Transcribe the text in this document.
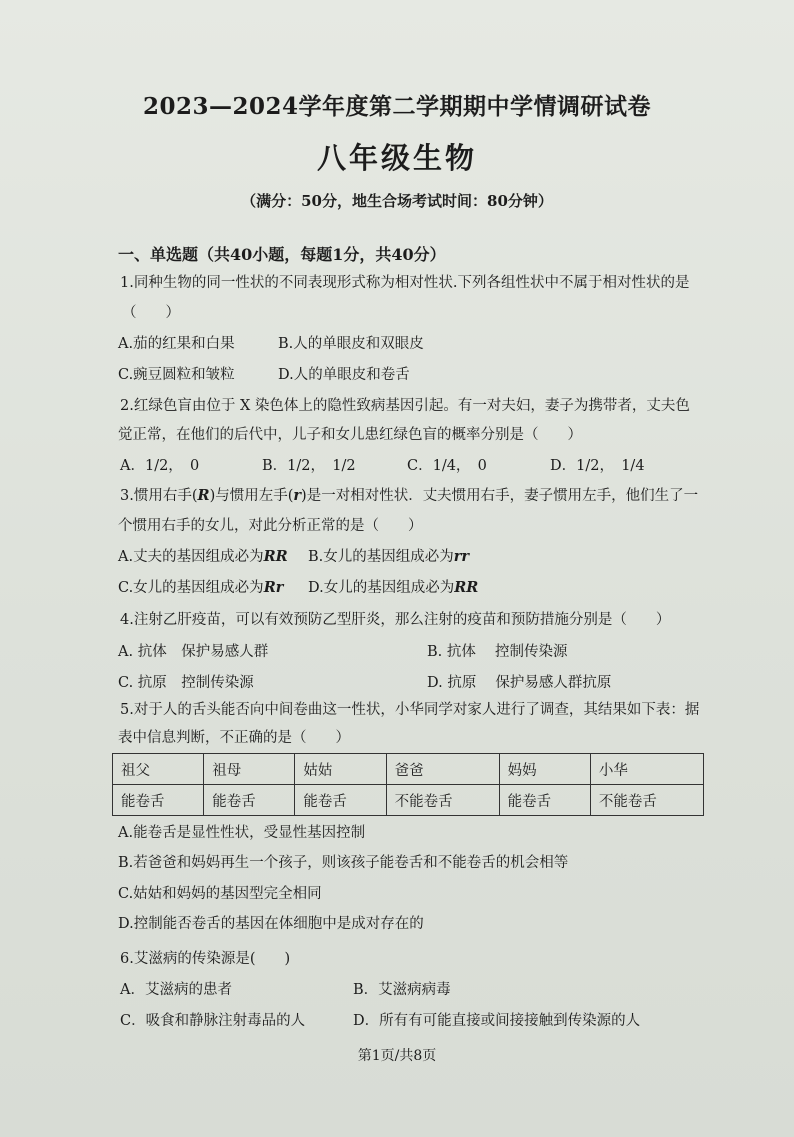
2023—2024学年度第二学期期中学情调研试卷
八年级生物
（满分：50分，地生合场考试时间：80分钟）
一、单选题（共40小题，每题1分，共40分）
1.同种生物的同一性状的不同表现形式称为相对性状.下列各组性状中不属于相对性状的是
（　　）
A.茄的红果和白果	B.人的单眼皮和双眼皮
C.豌豆圆粒和皱粒	D.人的单眼皮和卷舌
2.红绿色盲由位于 X 染色体上的隐性致病基因引起。有一对夫妇，妻子为携带者，丈夫色
觉正常，在他们的后代中，儿子和女儿患红绿色盲的概率分别是（　　）
A．1/2，　0	B．1/2，　1/2	C．1/4，　0	D．1/2，　1/4
3.惯用右手(R)与惯用左手(r)是一对相对性状．丈夫惯用右手，妻子惯用左手，他们生了一
个惯用右手的女儿，对此分析正常的是（　　）
A.丈夫的基因组成必为RR B.女儿的基因组成必为rr
C.女儿的基因组成必为Rr D.女儿的基因组成必为RR
4.注射乙肝疫苗，可以有效预防乙型肝炎，那么注射的疫苗和预防措施分别是（　　）
A. 抗体　保护易感人群	B. 抗体　 控制传染源
C. 抗原　控制传染源	D. 抗原　 保护易感人群抗原
5.对于人的舌头能否向中间卷曲这一性状，小华同学对家人进行了调查，其结果如下表：据
表中信息判断，不正确的是（　　）
祖父	祖母	姑姑	爸爸	妈妈	小华
能卷舌	能卷舌	能卷舌	不能卷舌	能卷舌	不能卷舌
A.能卷舌是显性性状，受显性基因控制
B.若爸爸和妈妈再生一个孩子，则该孩子能卷舌和不能卷舌的机会相等
C.姑姑和妈妈的基因型完全相同
D.控制能否卷舌的基因在体细胞中是成对存在的
6.艾滋病的传染源是(　　)
A．艾滋病的患者	B．艾滋病病毒
C．吸食和静脉注射毒品的人	D．所有有可能直接或间接接触到传染源的人
第1页/共8页
